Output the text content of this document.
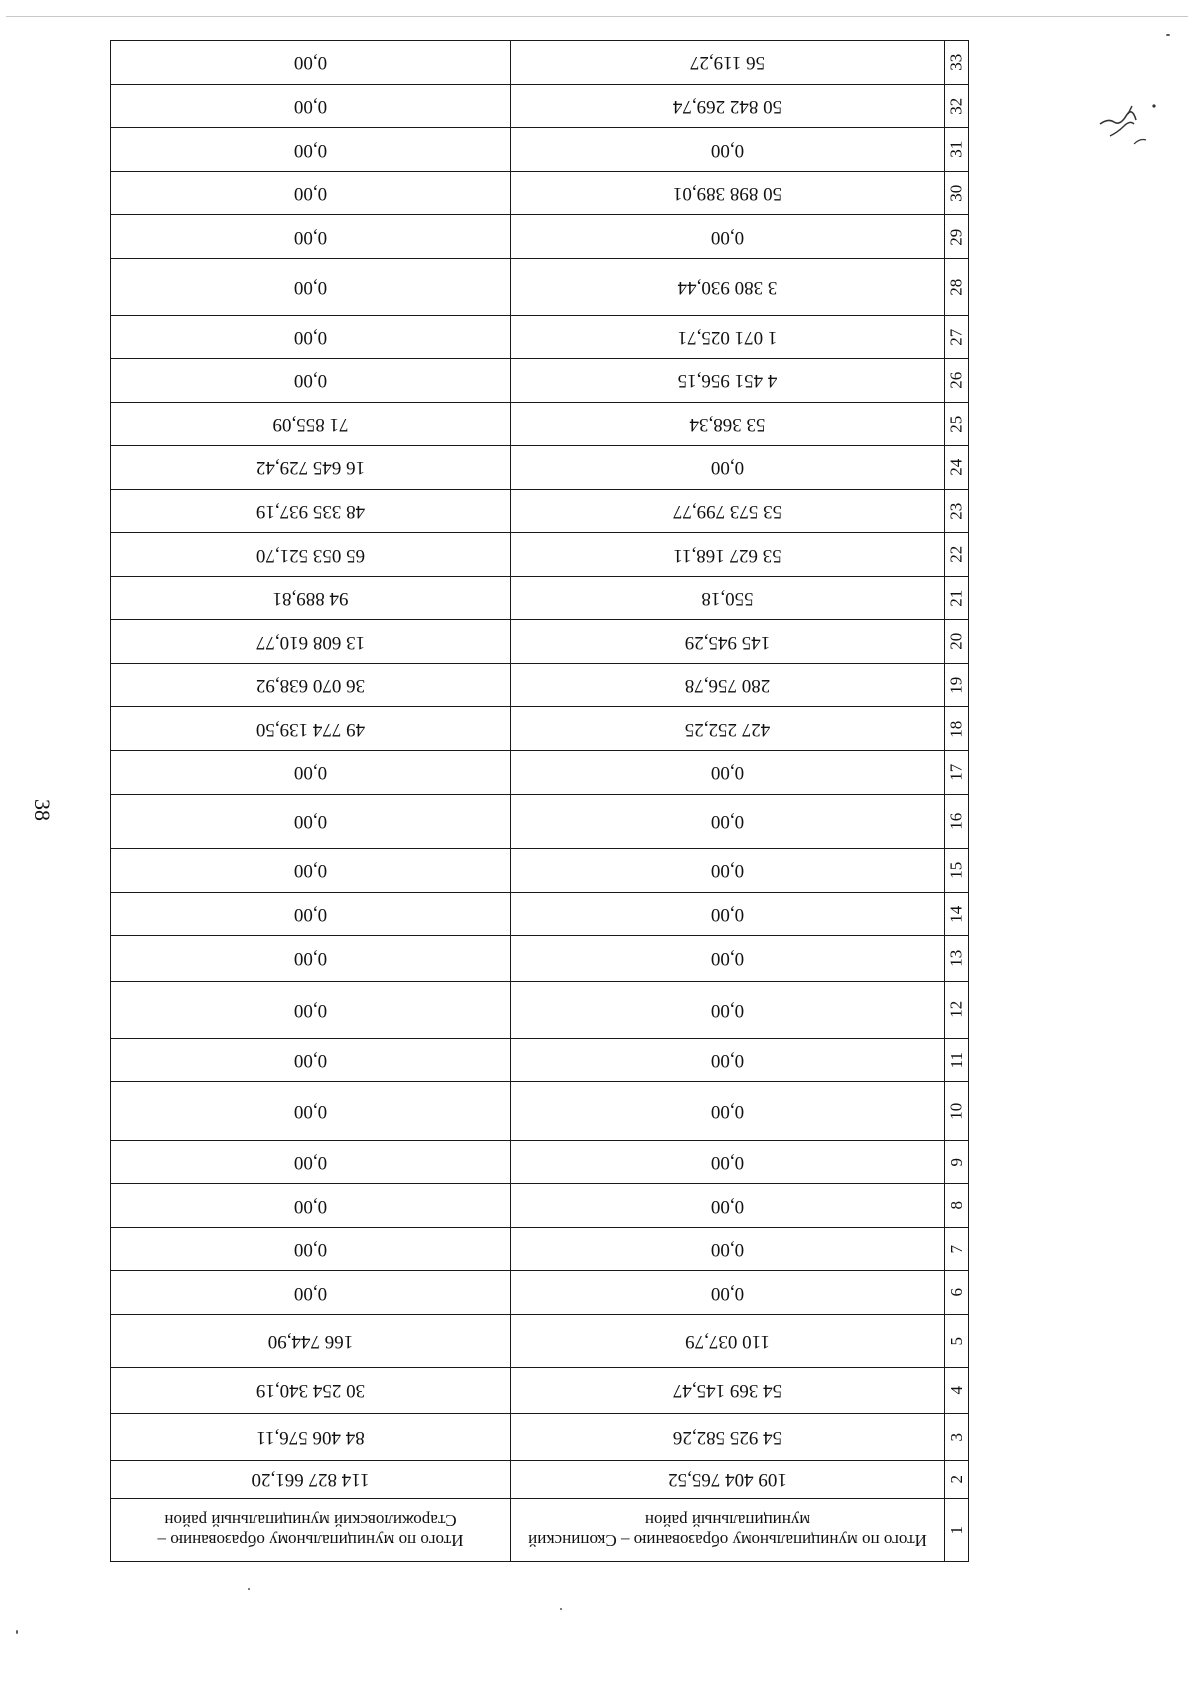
38
1	Итого по муниципальному образованию – Скопинский муниципальный район	Итого по муниципальному образованию – Старожиловский муниципальный район
2	109 404 765,52	114 827 661,20
3	54 925 582,26	84 406 576,11
4	54 369 145,47	30 254 340,19
5	110 037,79	166 744,90
6	0,00	0,00
7	0,00	0,00
8	0,00	0,00
9	0,00	0,00
10	0,00	0,00
11	0,00	0,00
12	0,00	0,00
13	0,00	0,00
14	0,00	0,00
15	0,00	0,00
16	0,00	0,00
17	0,00	0,00
18	427 252,25	49 774 139,50
19	280 756,78	36 070 638,92
20	145 945,29	13 608 610,77
21	550,18	94 889,81
22	53 627 168,11	65 053 521,70
23	53 573 799,77	48 335 937,19
24	0,00	16 645 729,42
25	53 368,34	71 855,09
26	4 451 956,15	0,00
27	1 071 025,71	0,00
28	3 380 930,44	0,00
29	0,00	0,00
30	50 898 389,01	0,00
31	0,00	0,00
32	50 842 269,74	0,00
33	56 119,27	0,00
